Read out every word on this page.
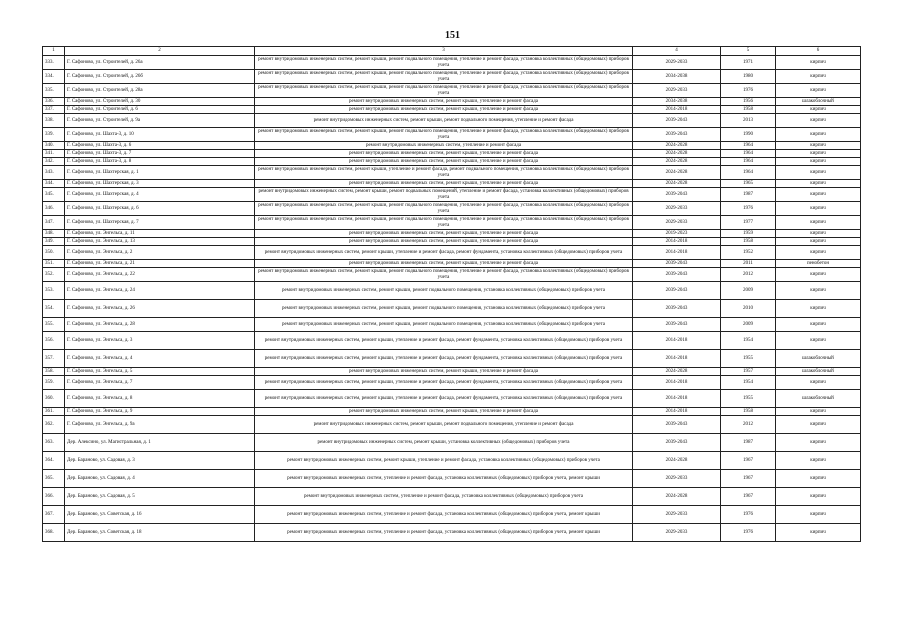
151
1	2	3	4	5	6
333.	Г. Сафоново, ул. Строителей, д. 26а	ремонт внутридомовых инженерных систем, ремонт крыши, ремонт подвального помещения, утепление и ремонт фасада, установка коллективных (общедомовых) приборов учета	2029-2033	1971	кирпич
334.	Г. Сафоново, ул. Строителей, д. 26б	ремонт внутридомовых инженерных систем, ремонт крыши, ремонт подвального помещения, утепление и ремонт фасада, установка коллективных (общедомовых) приборов учета	2034-2038	1980	кирпич
335.	Г. Сафоново, ул. Строителей, д. 28а	ремонт внутридомовых инженерных систем, ремонт крыши, ремонт подвального помещения, утепление и ремонт фасада, установка коллективных (общедомовых) приборов учета	2029-2033	1976	кирпич
336.	Г. Сафоново, ул. Строителей, д. 30	ремонт внутридомовых инженерных систем, ремонт крыши, утепление и ремонт фасада	2034-2038	1956	шлакоблочный
337.	Г. Сафоново, ул. Строителей, д. 6	ремонт внутридомовых инженерных систем, ремонт крыши, утепление и ремонт фасада	2014-2018	1958	кирпич
338.	Г. Сафоново, ул. Строителей, д. 9а	ремонт внутридомовых инженерных систем, ремонт крыши, ремонт подвального помещения, утепление и ремонт фасада	2039-2043	2013	кирпич
339.	Г. Сафоново, ул. Шахта-3, д. 10	ремонт внутридомовых инженерных систем, ремонт крыши, ремонт подвального помещения, утепление и ремонт фасада, установка коллективных (общедомовых) приборов учета	2039-2043	1990	кирпич
340.	Г. Сафоново, ул. Шахта-3, д. 6	ремонт внутридомовых инженерных систем, утепление и ремонт фасада	2024-2028	1964	кирпич
341.	Г. Сафоново, ул. Шахта-3, д. 7	ремонт внутридомовых инженерных систем, ремонт крыши, утепление и ремонт фасада	2024-2028	1964	кирпич
342.	Г. Сафоново, ул. Шахта-3, д. 8	ремонт внутридомовых инженерных систем, ремонт крыши, утепление и ремонт фасада	2024-2028	1964	кирпич
343.	Г. Сафоново, ул. Шахтерская, д. 1	ремонт внутридомовых инженерных систем, ремонт крыши, утепление и ремонт фасада, ремонт подвального помещения, установка коллективных (общедомовых) приборов учета	2024-2028	1964	кирпич
344.	Г. Сафоново, ул. Шахтерская, д. 3	ремонт внутридомовых инженерных систем, ремонт крыши, утепление и ремонт фасада	2024-2028	1965	кирпич
345.	Г. Сафоново, ул. Шахтерская, д. 4	ремонт внутридомовых инженерных систем, ремонт крыши, ремонт подвальных помещений, утепление и ремонт фасада, установка коллективных (общедомовых) приборов учета	2039-2043	1987	кирпич
346.	Г. Сафоново, ул. Шахтерская, д. 6	ремонт внутридомовых инженерных систем, ремонт крыши, ремонт подвального помещения, утепление и ремонт фасада, установка коллективных (общедомовых) приборов учета	2029-2033	1976	кирпич
347.	Г. Сафоново, ул. Шахтерская, д. 7	ремонт внутридомовых инженерных систем, ремонт крыши, ремонт подвального помещения, утепление и ремонт фасада, установка коллективных (общедомовых) приборов учета	2029-2033	1977	кирпич
348.	Г. Сафоново, ул. Энгельса, д. 11	ремонт внутридомовых инженерных систем, ремонт крыши, утепление и ремонт фасада	2019-2023	1959	кирпич
349.	Г. Сафоново, ул. Энгельса, д. 13	ремонт внутридомовых инженерных систем, ремонт крыши, утепление и ремонт фасада	2014-2018	1958	кирпич
350.	Г. Сафоново, ул. Энгельса, д. 2	ремонт внутридомовых инженерных систем, ремонт крыши, утепление и ремонт фасада, ремонт фундамента, установка коллективных (общедомовых) приборов учета	2014-2018	1952	кирпич
351.	Г. Сафоново, ул. Энгельса, д. 21	ремонт внутридомовых инженерных систем, ремонт крыши, утепление и ремонт фасада	2039-2043	2011	пенобетон
352.	Г. Сафоново, ул. Энгельса, д. 22	ремонт внутридомовых инженерных систем, ремонт крыши, ремонт подвального помещения, утепление и ремонт фасада, установка коллективных (общедомовых) приборов учета	2039-2043	2012	кирпич
353.	Г. Сафоново, ул. Энгельса, д. 24	ремонт внутридомовых инженерных систем, ремонт крыши, ремонт подвального помещения, установка коллективных (общедомовых) приборов учета	2039-2043	2009	кирпич
354.	Г. Сафоново, ул. Энгельса, д. 26	ремонт внутридомовых инженерных систем, ремонт крыши, ремонт подвального помещения, установка коллективных (общедомовых) приборов учета	2039-2043	2010	кирпич
355.	Г. Сафоново, ул. Энгельса, д. 28	ремонт внутридомовых инженерных систем, ремонт крыши, ремонт подвального помещения, установка коллективных (общедомовых) приборов учета	2039-2043	2009	кирпич
356.	Г. Сафоново, ул. Энгельса, д. 3	ремонт внутридомовых инженерных систем, ремонт крыши, утепление и ремонт фасада, ремонт фундамента, установка коллективных (общедомовых) приборов учета	2014-2018	1954	кирпич
357.	Г. Сафоново, ул. Энгельса, д. 4	ремонт внутридомовых инженерных систем, ремонт крыши, утепление и ремонт фасада, ремонт фундамента, установка коллективных (общедомовых) приборов учета	2014-2018	1955	шлакоблочный
358.	Г. Сафоново, ул. Энгельса, д. 5	ремонт внутридомовых инженерных систем, ремонт крыши, утепление и ремонт фасада	2024-2028	1957	шлакоблочный
359.	Г. Сафоново, ул. Энгельса, д. 7	ремонт внутридомовых инженерных систем, ремонт крыши, утепление и ремонт фасада, ремонт фундамента, установка коллективных (общедомовых) приборов учета	2014-2018	1954	кирпич
360.	Г. Сафоново, ул. Энгельса, д. 8	ремонт внутридомовых инженерных систем, ремонт крыши, утепление и ремонт фасада, ремонт фундамента, установка коллективных (общедомовых) приборов учета	2014-2018	1955	шлакоблочный
361.	Г. Сафоново, ул. Энгельса, д. 9	ремонт внутридомовых инженерных систем, ремонт крыши, утепление и ремонт фасада	2014-2018	1958	кирпич
362.	Г. Сафоново, ул. Энгельса, д. 9а	ремонт внутридомовых инженерных систем, ремонт крыши, ремонт подвального помещения, утепление и ремонт фасада	2039-2043	2012	кирпич
363.	Дер. Алексино, ул. Магистральная, д. 1	ремонт внутридомовых инженерных систем, ремонт крыши, установка коллективных (общедомовых) приборов учета	2039-2043	1987	кирпич
364.	Дер. Бараново, ул. Садовая, д. 3	ремонт внутридомовых инженерных систем, ремонт крыши, утепление и ремонт фасада, установка коллективных (общедомовых) приборов учета	2024-2028	1967	кирпич
365.	Дер. Бараново, ул. Садовая, д. 4	ремонт внутридомовых инженерных систем, утепление и ремонт фасада, установка коллективных (общедомовых) приборов учета, ремонт крыши	2029-2033	1967	кирпич
366.	Дер. Бараново, ул. Садовая, д. 5	ремонт внутридомовых инженерных систем, утепление и ремонт фасада, установка коллективных (общедомовых) приборов учета	2024-2028	1967	кирпич
367.	Дер. Бараново, ул. Советская, д. 16	ремонт внутридомовых инженерных систем, утепление и ремонт фасада, установка коллективных (общедомовых) приборов учета, ремонт крыши	2029-2033	1976	кирпич
368.	Дер. Бараново, ул. Советская, д. 18	ремонт внутридомовых инженерных систем, утепление и ремонт фасада, установка коллективных (общедомовых) приборов учета, ремонт крыши	2029-2033	1976	кирпич
